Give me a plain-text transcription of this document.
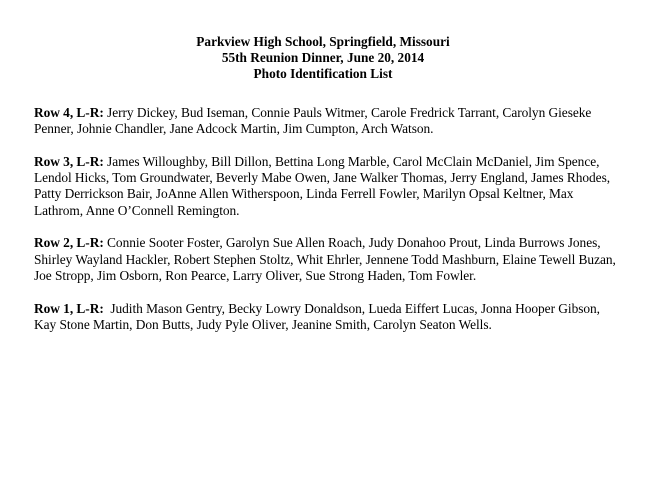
Parkview High School, Springfield, Missouri
55th Reunion Dinner, June 20, 2014
Photo Identification List

Row 4, L-R: Jerry Dickey, Bud Iseman, Connie Pauls Witmer, Carole Fredrick Tarrant, Carolyn Gieseke Penner, Johnie Chandler, Jane Adcock Martin, Jim Cumpton, Arch Watson.

Row 3, L-R: James Willoughby, Bill Dillon, Bettina Long Marble, Carol McClain McDaniel, Jim Spence, Lendol Hicks, Tom Groundwater, Beverly Mabe Owen, Jane Walker Thomas, Jerry England, James Rhodes, Patty Derrickson Bair, JoAnne Allen Witherspoon, Linda Ferrell Fowler, Marilyn Opsal Keltner, Max Lathrom, Anne O’Connell Remington.

Row 2, L-R: Connie Sooter Foster, Garolyn Sue Allen Roach, Judy Donahoo Prout, Linda Burrows Jones, Shirley Wayland Hackler, Robert Stephen Stoltz, Whit Ehrler, Jennene Todd Mashburn, Elaine Tewell Buzan, Joe Stropp, Jim Osborn, Ron Pearce, Larry Oliver, Sue Strong Haden, Tom Fowler.

Row 1, L-R:  Judith Mason Gentry, Becky Lowry Donaldson, Lueda Eiffert Lucas, Jonna Hooper Gibson, Kay Stone Martin, Don Butts, Judy Pyle Oliver, Jeanine Smith, Carolyn Seaton Wells.
